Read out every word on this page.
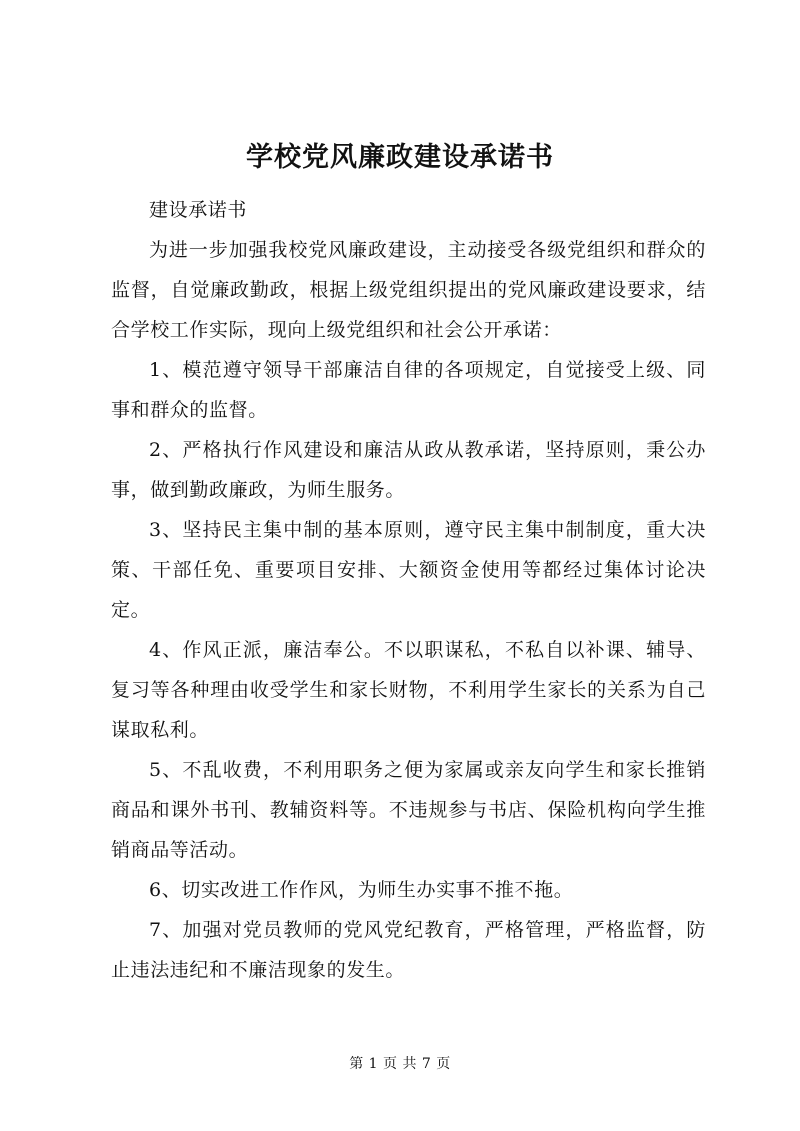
学校党风廉政建设承诺书

建设承诺书

为进一步加强我校党风廉政建设，主动接受各级党组织和群众的监督，自觉廉政勤政，根据上级党组织提出的党风廉政建设要求，结合学校工作实际，现向上级党组织和社会公开承诺：

1、模范遵守领导干部廉洁自律的各项规定，自觉接受上级、同事和群众的监督。

2、严格执行作风建设和廉洁从政从教承诺，坚持原则，秉公办事，做到勤政廉政，为师生服务。

3、坚持民主集中制的基本原则，遵守民主集中制制度，重大决策、干部任免、重要项目安排、大额资金使用等都经过集体讨论决定。

4、作风正派，廉洁奉公。不以职谋私，不私自以补课、辅导、复习等各种理由收受学生和家长财物，不利用学生家长的关系为自己谋取私利。

5、不乱收费，不利用职务之便为家属或亲友向学生和家长推销商品和课外书刊、教辅资料等。不违规参与书店、保险机构向学生推销商品等活动。

6、切实改进工作作风，为师生办实事不推不拖。

7、加强对党员教师的党风党纪教育，严格管理，严格监督，防止违法违纪和不廉洁现象的发生。

第 1 页 共 7 页
